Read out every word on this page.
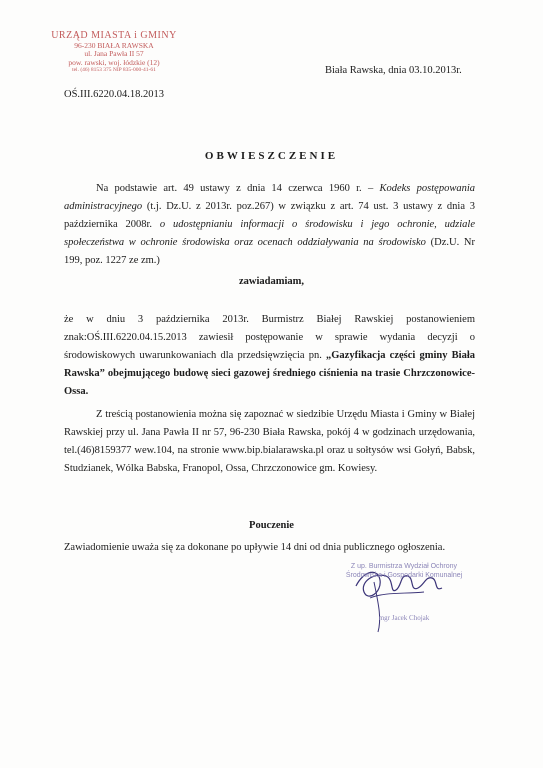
URZĄD MIASTA i GMINY
96-230 BIAŁA RAWSKA
ul. Jana Pawła II 57
pow. rawski, woj. łódzkie (12)
tel. (46) 8153 375 NIP 835-000-41-61	Biała Rawska, dnia 03.10.2013r.
OŚ.III.6220.04.18.2013
OBWIESZCZENIE
Na podstawie art. 49 ustawy z dnia 14 czerwca 1960 r. – Kodeks postępowania administracyjnego (t.j. Dz.U. z 2013r. poz.267) w związku z art. 74 ust. 3 ustawy z dnia 3 października 2008r. o udostępnianiu informacji o środowisku i jego ochronie, udziale społeczeństwa w ochronie środowiska oraz ocenach oddziaływania na środowisko (Dz.U. Nr 199, poz. 1227 ze zm.)
zawiadamiam,
że w dniu 3 października 2013r. Burmistrz Białej Rawskiej postanowieniem znak:OŚ.III.6220.04.15.2013 zawiesił postępowanie w sprawie wydania decyzji o środowiskowych uwarunkowaniach dla przedsięwzięcia pn. „Gazyfikacja części gminy Biała Rawska” obejmującego budowę sieci gazowej średniego ciśnienia na trasie Chrzczonowice-Ossa.
Z treścią postanowienia można się zapoznać w siedzibie Urzędu Miasta i Gminy w Białej Rawskiej przy ul. Jana Pawła II nr 57, 96-230 Biała Rawska, pokój 4 w godzinach urzędowania, tel.(46)8159377 wew.104, na stronie www.bip.bialarawska.pl oraz u sołtysów wsi Gołyń, Babsk, Studzianek, Wólka Babska, Franopol, Ossa, Chrzczonowice gm. Kowiesy.
Pouczenie
Zawiadomienie uważa się za dokonane po upływie 14 dni od dnia publicznego ogłoszenia.
Z up. Burmistrza Wydział Ochrony Środowiska i Gospodarki Komunalnej
mgr Jacek Chojak
